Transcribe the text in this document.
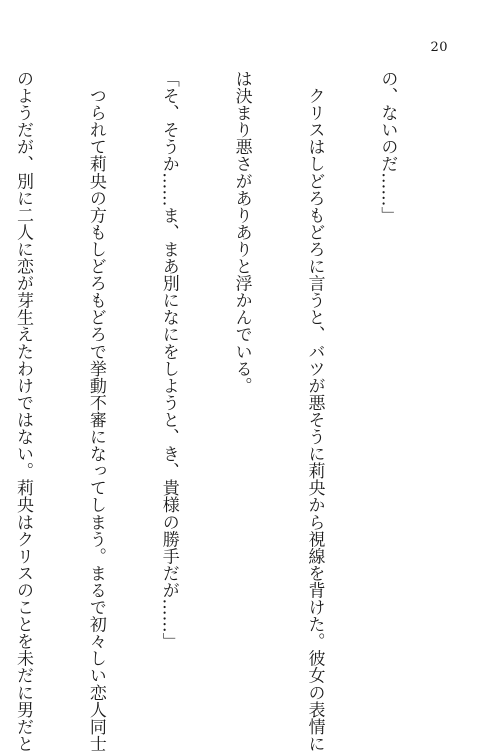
20

の、ないのだ……」

　クリスはしどろもどろに言うと、バツが悪そうに莉央から視線を背けた。彼女の表情に

は決まり悪さがありありと浮かんでいる。

「そ、そうか……ま、まあ別になにをしようと、き、貴様の勝手だが……」

　つられて莉央の方もしどろもどろで挙動不審になってしまう。まるで初々しい恋人同士

のようだが、別に二人に恋が芽生えたわけではない。莉央はクリスのことを未だに男だと
